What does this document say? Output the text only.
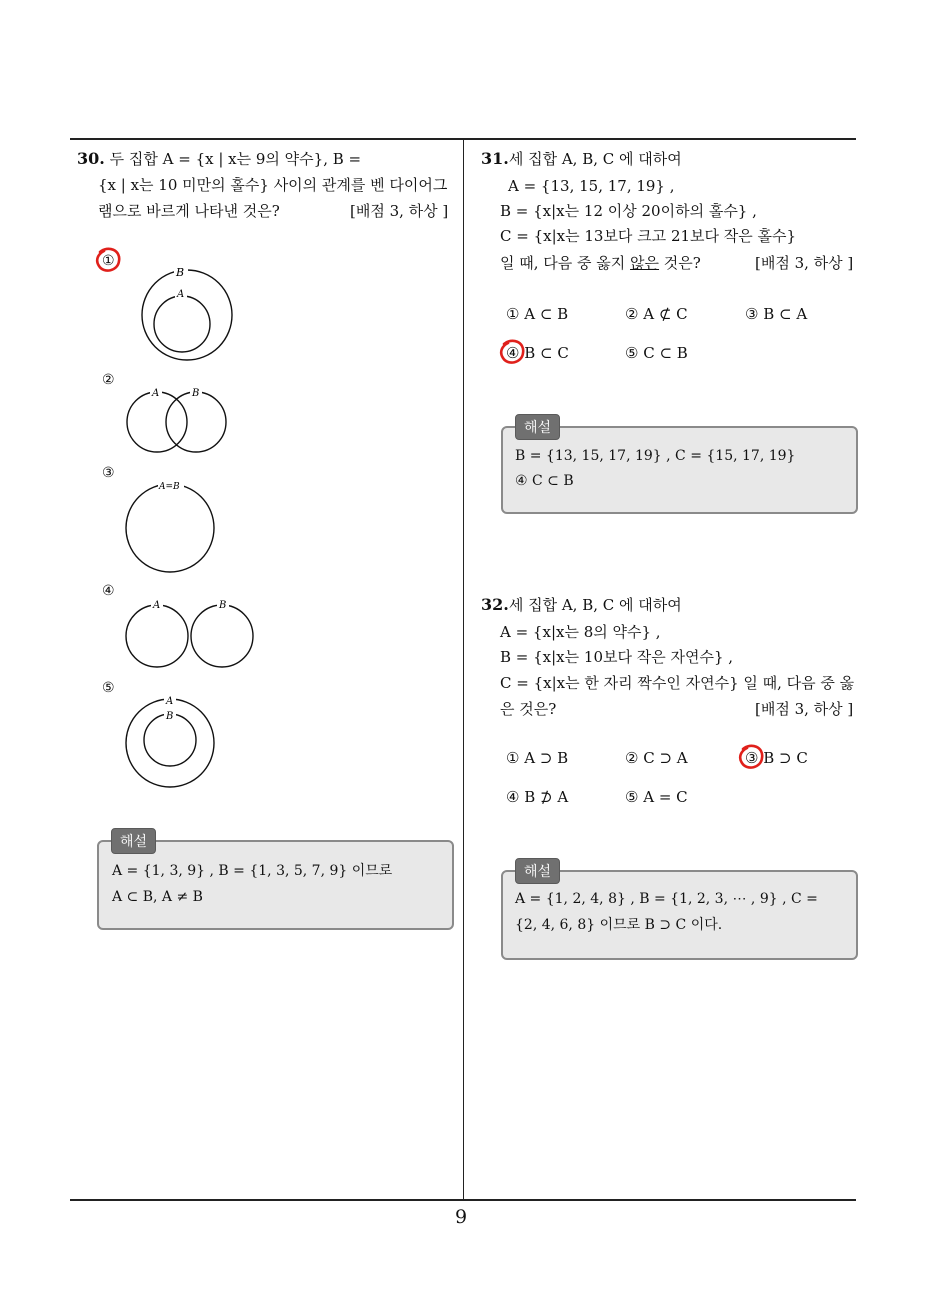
9
30. 두 집합 A = {x | x는 9의 약수}, B =
{x | x는 10 미만의 홀수} 사이의 관계를 벤 다이어그
램으로 바르게 나타낸 것은?	[배점 3, 하상 ]
①
②
③
④
⑤
B
A
A	B
A=B
A	B
A
B
해설
A = {1, 3, 9} , B = {1, 3, 5, 7, 9} 이므로
A ⊂ B, A ≠ B
31.세 집합 A, B, C 에 대하여
A = {13, 15, 17, 19} ,
B = {x|x는 12 이상 20이하의 홀수} ,
C = {x|x는 13보다 크고 21보다 작은 홀수}
일 때, 다음 중 옳지 않은 것은?	[배점 3, 하상 ]
① A ⊂ B	② A ⊄ C	③ B ⊂ A
④ B ⊂ C	⑤ C ⊂ B
해설
B = {13, 15, 17, 19} , C = {15, 17, 19}
④ C ⊂ B
32.세 집합 A, B, C 에 대하여
A = {x|x는 8의 약수} ,
B = {x|x는 10보다 작은 자연수} ,
C = {x|x는 한 자리 짝수인 자연수} 일 때, 다음 중 옳
은 것은?	[배점 3, 하상 ]
① A ⊃ B	② C ⊃ A	③ B ⊃ C
④ B ⊅ A	⑤ A = C
해설
A = {1, 2, 4, 8} , B = {1, 2, 3, ⋯ , 9} , C =
{2, 4, 6, 8} 이므로 B ⊃ C 이다.
